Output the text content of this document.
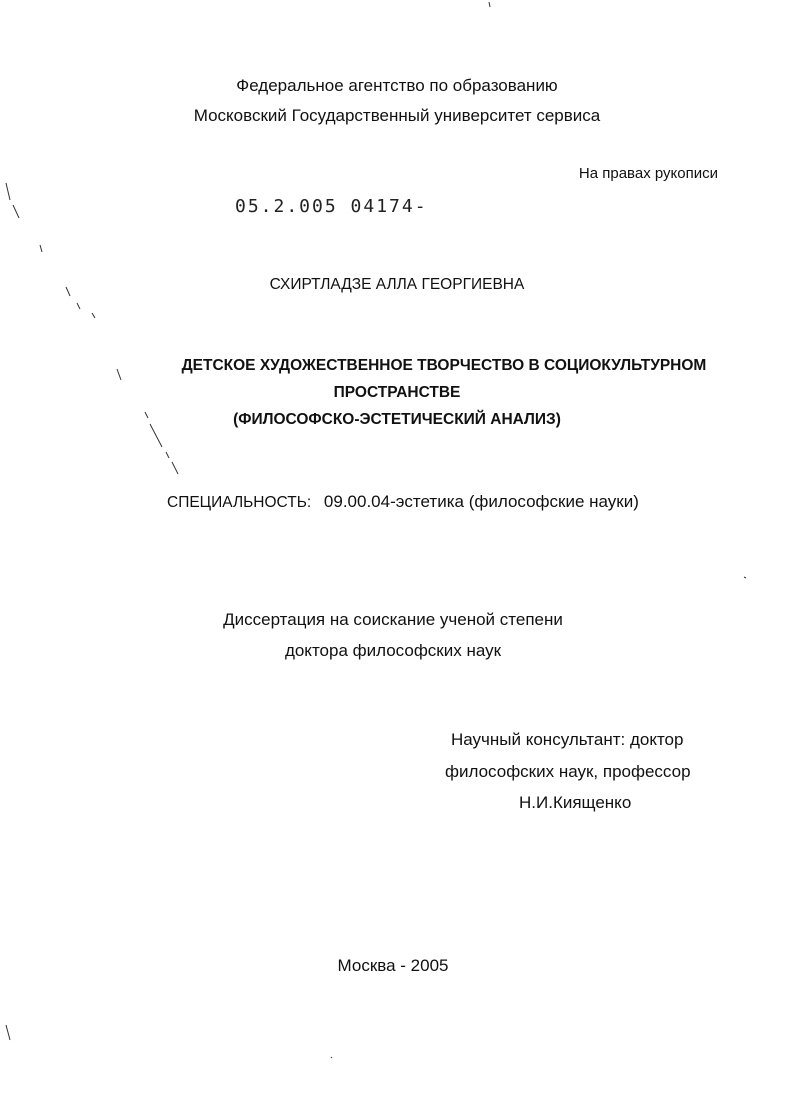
Федеральное агентство по образованию
Московский Государственный университет сервиса
На правах рукописи
05.2.005 04174-
СХИРТЛАДЗЕ АЛЛА ГЕОРГИЕВНА
ДЕТСКОЕ ХУДОЖЕСТВЕННОЕ ТВОРЧЕСТВО В СОЦИОКУЛЬТУРНОМ
ПРОСТРАНСТВЕ
(ФИЛОСОФСКО-ЭСТЕТИЧЕСКИЙ АНАЛИЗ)
СПЕЦИАЛЬНОСТЬ: 09.00.04-эстетика (философские науки)
Диссертация на соискание ученой степени
доктора философских наук
Научный консультант: доктор
философских наук, профессор
Н.И.Киященко
Москва - 2005
